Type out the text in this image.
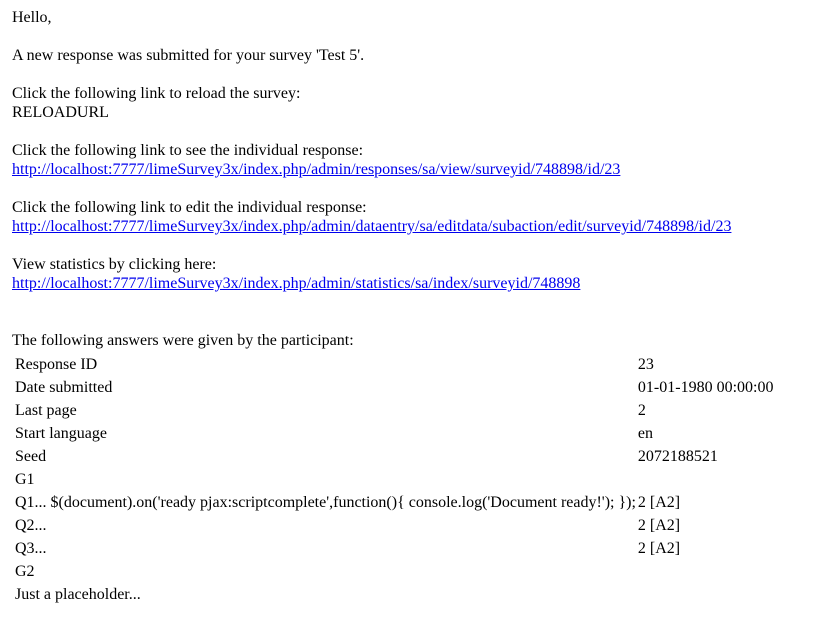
Hello,
A new response was submitted for your survey 'Test 5'.
Click the following link to reload the survey:
RELOADURL
Click the following link to see the individual response:
http://localhost:7777/limeSurvey3x/index.php/admin/responses/sa/view/surveyid/748898/id/23
Click the following link to edit the individual response:
http://localhost:7777/limeSurvey3x/index.php/admin/dataentry/sa/editdata/subaction/edit/surveyid/748898/id/23
View statistics by clicking here:
http://localhost:7777/limeSurvey3x/index.php/admin/statistics/sa/index/surveyid/748898
The following answers were given by the participant:
Response ID	23
Date submitted	01-01-1980 00:00:00
Last page	2
Start language	en
Seed	2072188521
G1	
Q1... $(document).on('ready pjax:scriptcomplete',function(){ console.log('Document ready!'); });	2 [A2]
Q2...	2 [A2]
Q3...	2 [A2]
G2	
Just a placeholder...	
